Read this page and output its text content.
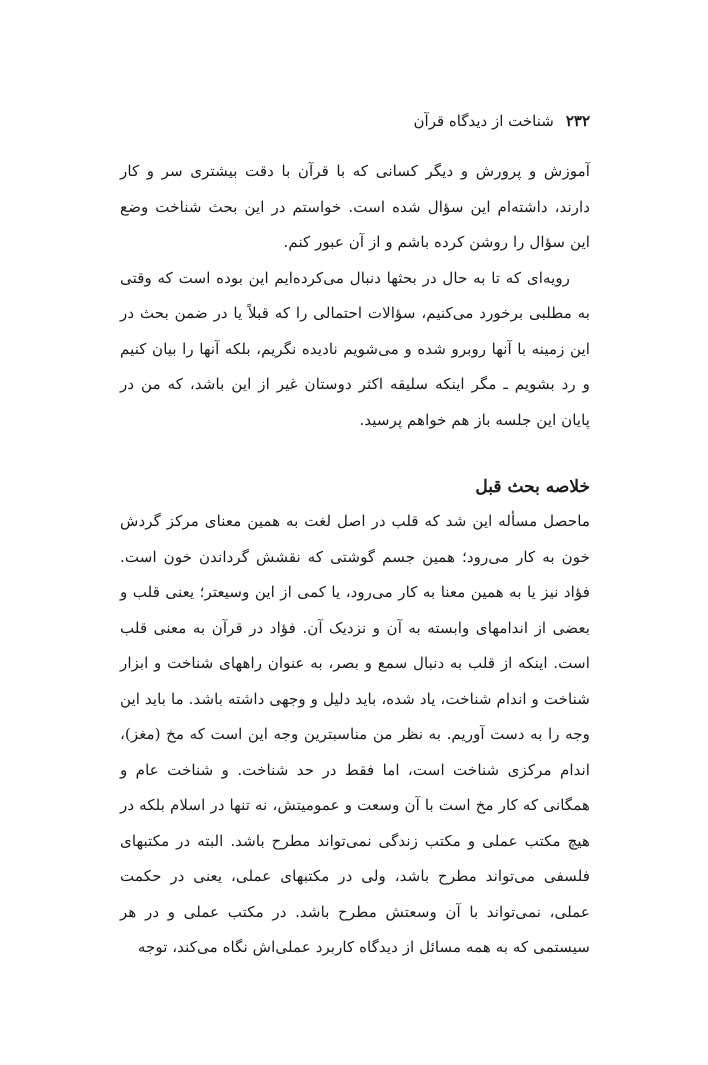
۲۳۲
شناخت از دیدگاه قرآن

آموزش و پرورش و دیگر کسانی که با قرآن با دقت بیشتری سر و کار دارند، داشته‌ام این سؤال شده است. خواستم در این بحث شناخت وضع این سؤال را روشن کرده باشم و از آن عبور کنم.

رویه‌ای که تا به حال در بحثها دنبال می‌کرده‌ایم این بوده است که وقتی به مطلبی برخورد می‌کنیم، سؤالات احتمالی را که قبلاً یا در ضمن بحث در این زمینه با آنها روبرو شده و می‌شویم نادیده نگریم، بلکه آنها را بیان کنیم و رد بشویم ـ مگر اینکه سلیقه اکثر دوستان غیر از این باشد، که من در پایان این جلسه باز هم خواهم پرسید.

خلاصه بحث قبل

ماحصل مسأله این شد که قلب در اصل لغت به همین معنای مرکز گردش خون به کار می‌رود؛ همین جسم گوشتی که نقشش گرداندن خون است. فؤاد نیز یا به همین معنا به کار می‌رود، یا کمی از این وسیعتر؛ یعنی قلب و بعضی از اندامهای وابسته به آن و نزدیک آن. فؤاد در قرآن به معنی قلب است. اینکه از قلب به دنبال سمع و بصر، به عنوان راههای شناخت و ابزار شناخت و اندام شناخت، یاد شده، باید دلیل و وجهی داشته باشد. ما باید این وجه را به دست آوریم. به نظر من مناسبترین وجه این است که مخ (مغز)، اندام مرکزی شناخت است، اما فقط در حد شناخت. و شناخت عام و همگانی که کار مخ است با آن وسعت و عمومیتش، نه تنها در اسلام بلکه در هیچ مکتب عملی و مکتب زندگی نمی‌تواند مطرح باشد. البته در مکتبهای فلسفی می‌تواند مطرح باشد، ولی در مکتبهای عملی، یعنی در حکمت عملی، نمی‌تواند با آن وسعتش مطرح باشد. در مکتب عملی و در هر سیستمی که به همه مسائل از دیدگاه کاربرد عملی‌اش نگاه می‌کند، توجه
